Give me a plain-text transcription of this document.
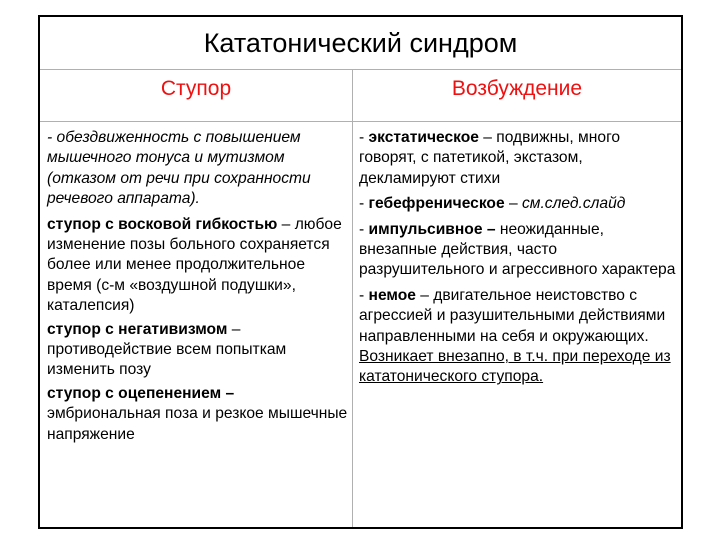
Кататонический синдром
Ступор	Возбуждение

- обездвиженность с повышением мышечного тонуса и мутизмом (отказом от речи при сохранности речевого аппарата).

ступор с восковой гибкостью – любое изменение позы больного сохраняется более или менее продолжительное время (с-м «воздушной подушки», каталепсия)

ступор с негативизмом – противодействие всем попыткам изменить позу

ступор с оцепенением – эмбриональная поза и резкое мышечные напряжение

- экстатическое – подвижны, много говорят, с патетикой, экстазом, декламируют стихи

- гебефреническое – см.след.слайд

- импульсивное – неожиданные, внезапные действия, часто разрушительного и агрессивного характера

- немое – двигательное неистовство с агрессией и разушительными действиями направленными на себя и окружающих. Возникает внезапно, в т.ч. при переходе из кататонического ступора.
